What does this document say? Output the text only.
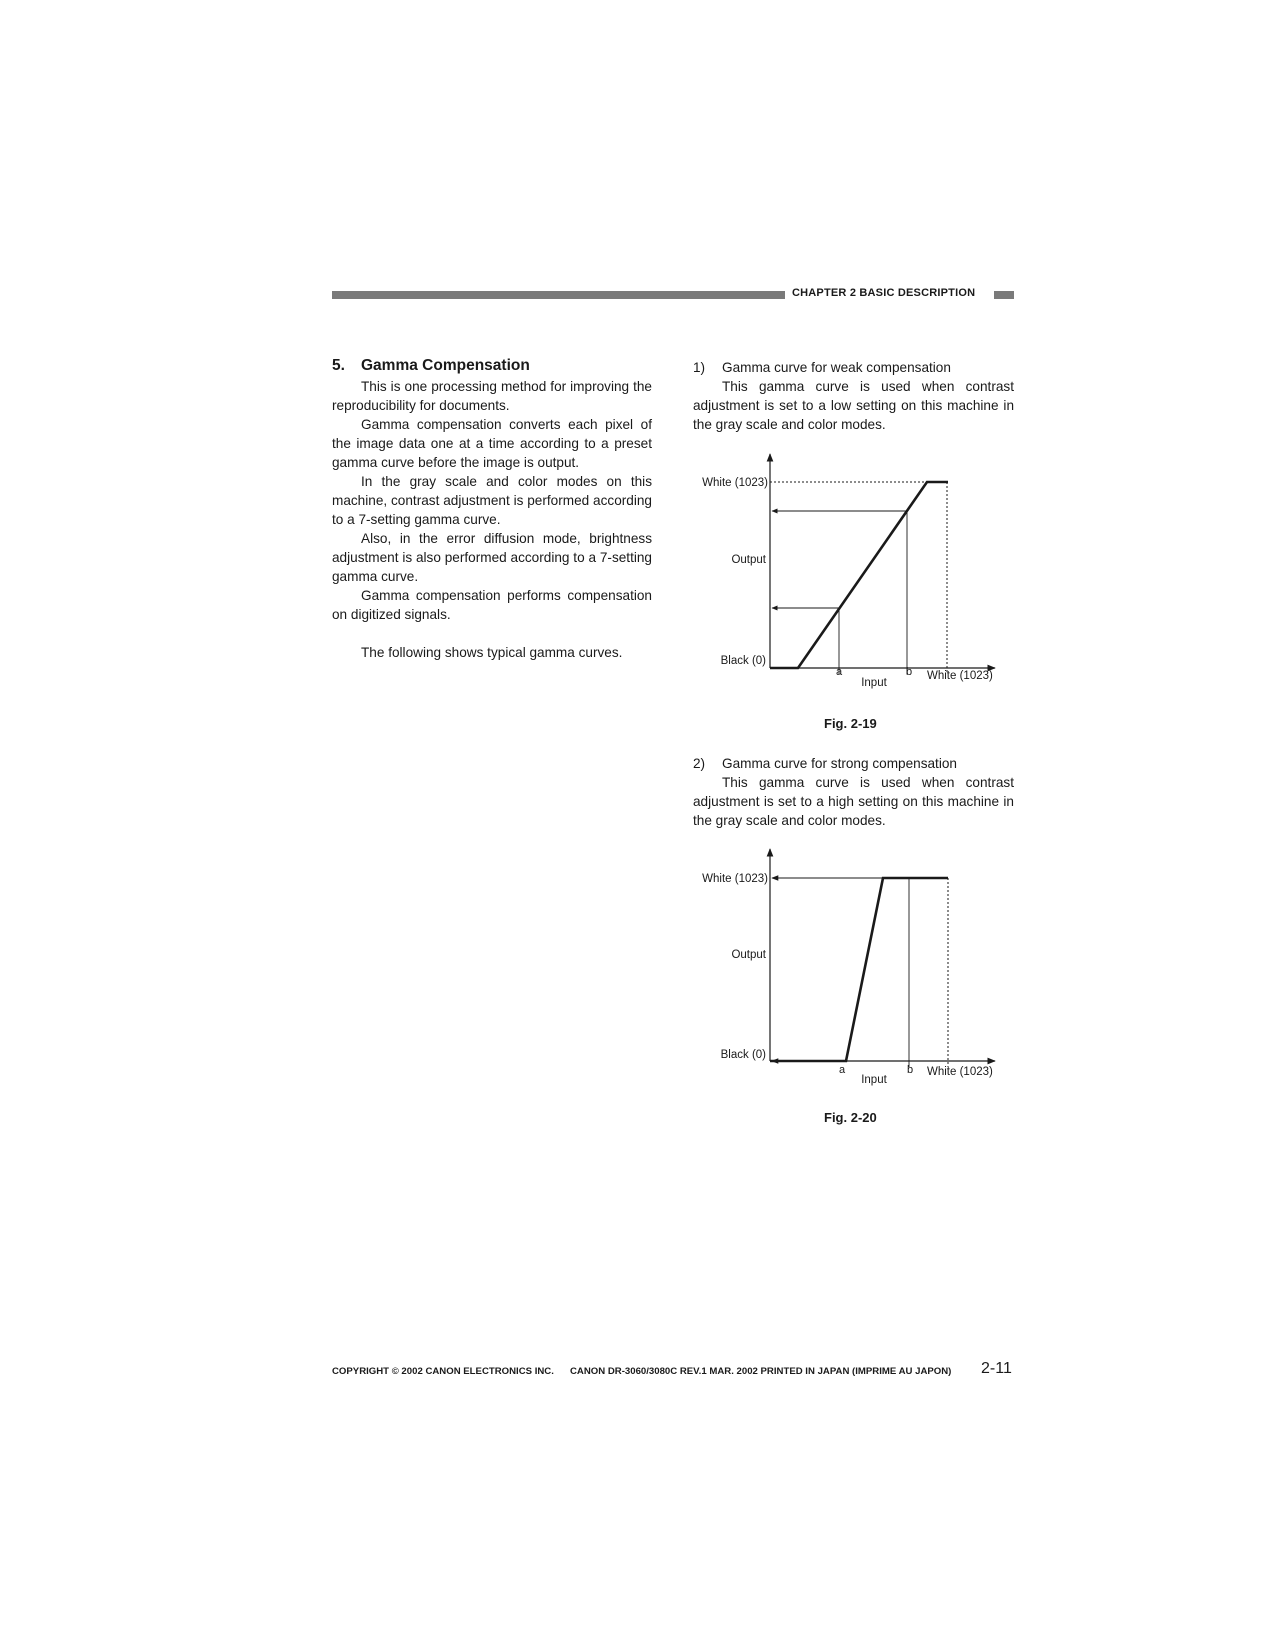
CHAPTER 2 BASIC DESCRIPTION
5. Gamma Compensation

This is one processing method for improving the reproducibility for documents.

Gamma compensation converts each pixel of the image data one at a time according to a preset gamma curve before the image is output.

In the gray scale and color modes on this machine, contrast adjustment is performed according to a 7-setting gamma curve.

Also, in the error diffusion mode, brightness adjustment is also performed according to a 7-setting gamma curve.

Gamma compensation performs compensation on digitized signals.

The following shows typical gamma curves.

1) Gamma curve for weak compensation

This gamma curve is used when contrast adjustment is set to a low setting on this machine in the gray scale and color modes.

White (1023)
Output
Black (0)
a	b
Input
White (1023)
Fig. 2-19

2) Gamma curve for strong compensation

This gamma curve is used when contrast adjustment is set to a high setting on this machine in the gray scale and color modes.

White (1023)
Output
Black (0)
a	b
Input
White (1023)
Fig. 2-20
COPYRIGHT © 2002 CANON ELECTRONICS INC. CANON DR-3060/3080C REV.1 MAR. 2002 PRINTED IN JAPAN (IMPRIME AU JAPON) 2-11
